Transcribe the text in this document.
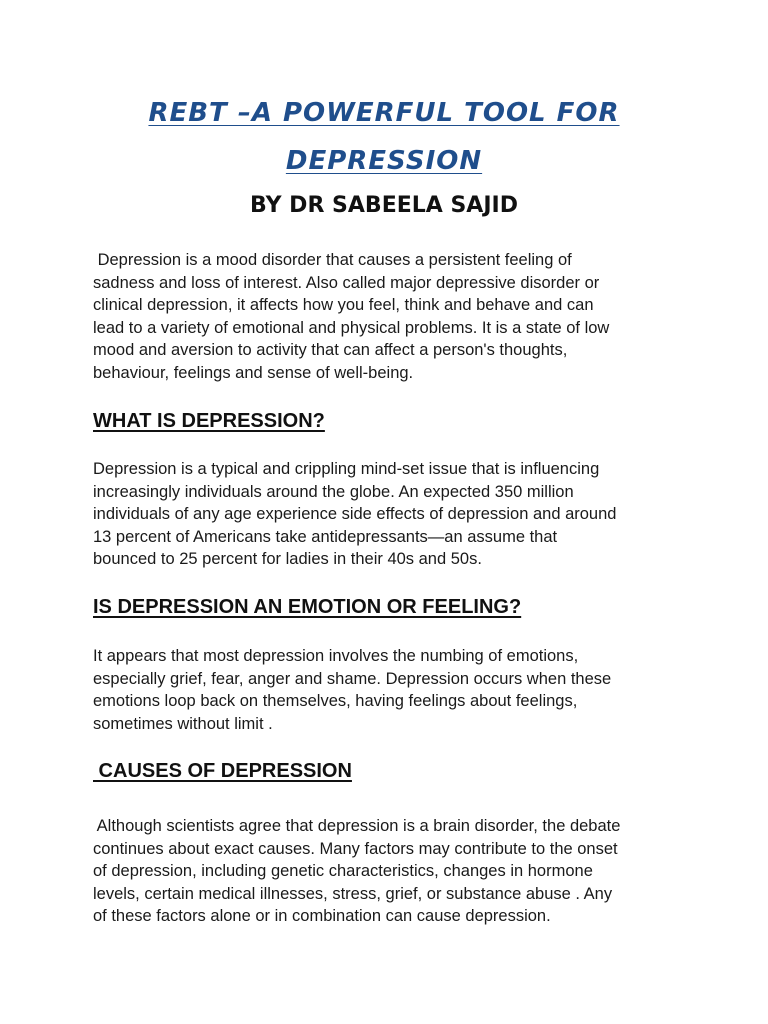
REBT –A POWERFUL TOOL FOR
DEPRESSION
BY DR SABEELA SAJID

Depression is a mood disorder that causes a persistent feeling of
sadness and loss of interest. Also called major depressive disorder or
clinical depression, it affects how you feel, think and behave and can
lead to a variety of emotional and physical problems. It is a state of low
mood and aversion to activity that can affect a person's thoughts,
behaviour, feelings and sense of well-being.

WHAT IS DEPRESSION?

Depression is a typical and crippling mind-set issue that is influencing
increasingly individuals around the globe. An expected 350 million
individuals of any age experience side effects of depression and around
13 percent of Americans take antidepressants—an assume that
bounced to 25 percent for ladies in their 40s and 50s.

IS DEPRESSION AN EMOTION OR FEELING?

It appears that most depression involves the numbing of emotions,
especially grief, fear, anger and shame. Depression occurs when these
emotions loop back on themselves, having feelings about feelings,
sometimes without limit .

CAUSES OF DEPRESSION

Although scientists agree that depression is a brain disorder, the debate
continues about exact causes. Many factors may contribute to the onset
of depression, including genetic characteristics, changes in hormone
levels, certain medical illnesses, stress, grief, or substance abuse . Any
of these factors alone or in combination can cause depression.
